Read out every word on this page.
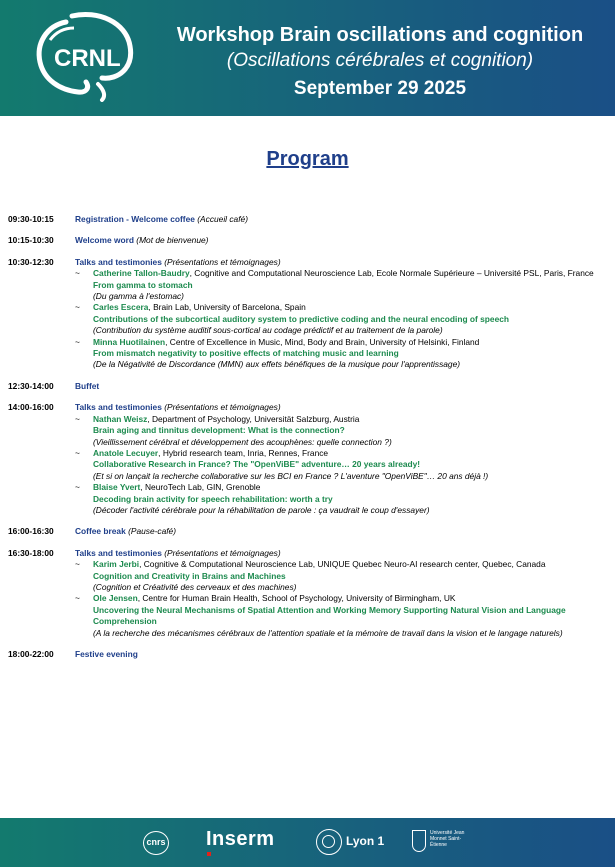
CRNL
Workshop Brain oscillations and cognition
(Oscillations cérébrales et cognition)
September 29 2025
Program
09:30-10:15	Registration - Welcome coffee (Accueil café)
10:15-10:30	Welcome word (Mot de bienvenue)
10:30-12:30	Talks and testimonies (Présentations et témoignages)
~	Catherine Tallon-Baudry, Cognitive and Computational Neuroscience Lab, Ecole Normale Supérieure – Université PSL, Paris, France
From gamma to stomach
(Du gamma à l'estomac)
~	Carles Escera, Brain Lab, University of Barcelona, Spain
Contributions of the subcortical auditory system to predictive coding and the neural encoding of speech
(Contribution du système auditif sous-cortical au codage prédictif et au traitement de la parole)
~	Minna Huotilainen, Centre of Excellence in Music, Mind, Body and Brain, University of Helsinki, Finland
From mismatch negativity to positive effects of matching music and learning
(De la Négativité de Discordance (MMN) aux effets bénéfiques de la musique pour l'apprentissage)
12:30-14:00	Buffet
14:00-16:00	Talks and testimonies (Présentations et témoignages)
~	Nathan Weisz, Department of Psychology, Universität Salzburg, Austria
Brain aging and tinnitus development: What is the connection?
(Vieillissement cérébral et développement des acouphènes: quelle connection ?)
~	Anatole Lecuyer, Hybrid research team, Inria, Rennes, France
Collaborative Research in France? The "OpenViBE" adventure… 20 years already!
(Et si on lançait la recherche collaborative sur les BCI en France ? L'aventure "OpenViBE"… 20 ans déjà !)
~	Blaise Yvert, NeuroTech Lab, GIN, Grenoble
Decoding brain activity for speech rehabilitation: worth a try
(Décoder l'activité cérébrale pour la réhabilitation de parole : ça vaudrait le coup d'essayer)
16:00-16:30	Coffee break (Pause-café)
16:30-18:00	Talks and testimonies (Présentations et témoignages)
~	Karim Jerbi, Cognitive & Computational Neuroscience Lab, UNIQUE Quebec Neuro-AI research center, Quebec, Canada
Cognition and Creativity in Brains and Machines
(Cognition et Créativité des cerveaux et des machines)
~	Ole Jensen, Centre for Human Brain Health, School of Psychology, University of Birmingham, UK
Uncovering the Neural Mechanisms of Spatial Attention and Working Memory Supporting Natural Vision and Language Comprehension
(A la recherche des mécanismes cérébraux de l'attention spatiale et la mémoire de travail dans la vision et le langage naturels)
18:00-22:00	Festive evening
cnrs Inserm	Lyon 1
Université Jean Monnet Saint-Étienne
